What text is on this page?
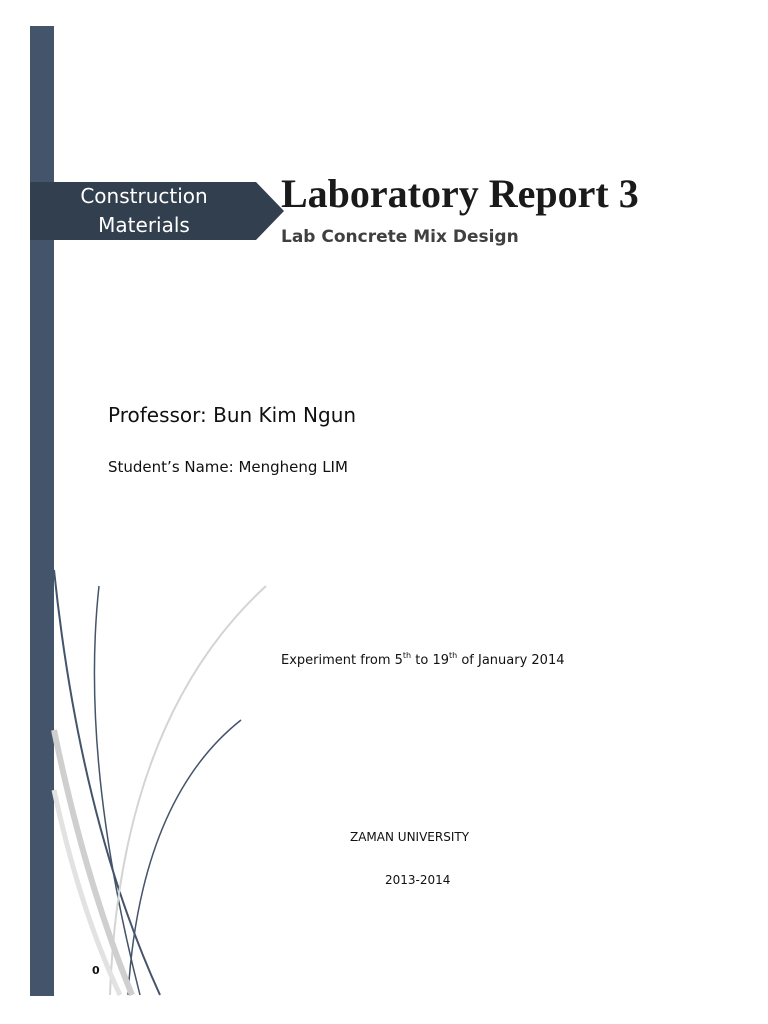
Construction
Materials
Laboratory Report 3
Lab Concrete Mix Design
Professor: Bun Kim Ngun
Student’s Name: Mengheng LIM
Experiment from 5th to 19th of January 2014
ZAMAN UNIVERSITY
2013-2014
0
